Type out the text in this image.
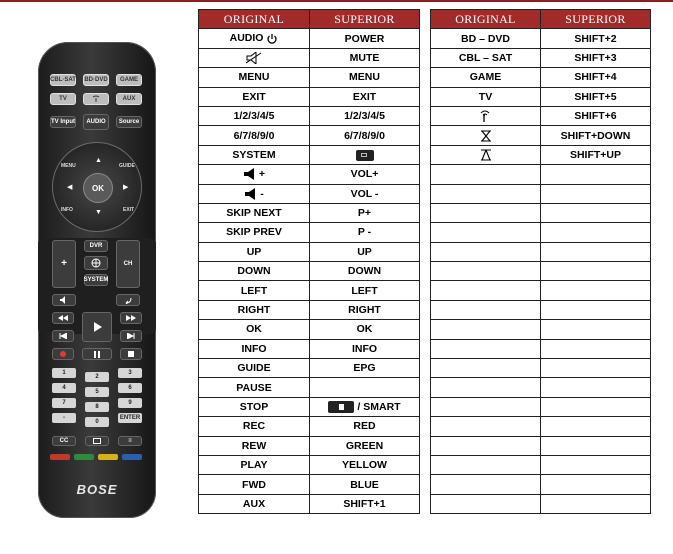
CBL·SAT BD·DVD	GAME
TV	AUX
TV Input	AUDIO	Source
OK
▲
▼
◀	▶
MENU	GUIDE
INFO	EXIT
+
DVR
SYSTEM
CH
1
2
3
4
5
6
7
8
9
-
0
ENTER
CC	≡
BOSE
ORIGINAL	SUPERIOR
AUDIO	POWER
	MUTE
MENU	MENU
EXIT	EXIT
1/2/3/4/5	1/2/3/4/5
6/7/8/9/0	6/7/8/9/0
SYSTEM	
+	VOL+
-	VOL -
SKIP NEXT	P+
SKIP PREV	P -
UP	UP
DOWN	DOWN
LEFT	LEFT
RIGHT	RIGHT
OK	OK
INFO	INFO
GUIDE	EPG
PAUSE	
STOP	/ SMART
REC	RED
REW	GREEN
PLAY	YELLOW
FWD	BLUE
AUX	SHIFT+1
ORIGINAL	SUPERIOR
BD – DVD	SHIFT+2
CBL – SAT	SHIFT+3
GAME	SHIFT+4
TV	SHIFT+5
	SHIFT+6
	SHIFT+DOWN
	SHIFT+UP
